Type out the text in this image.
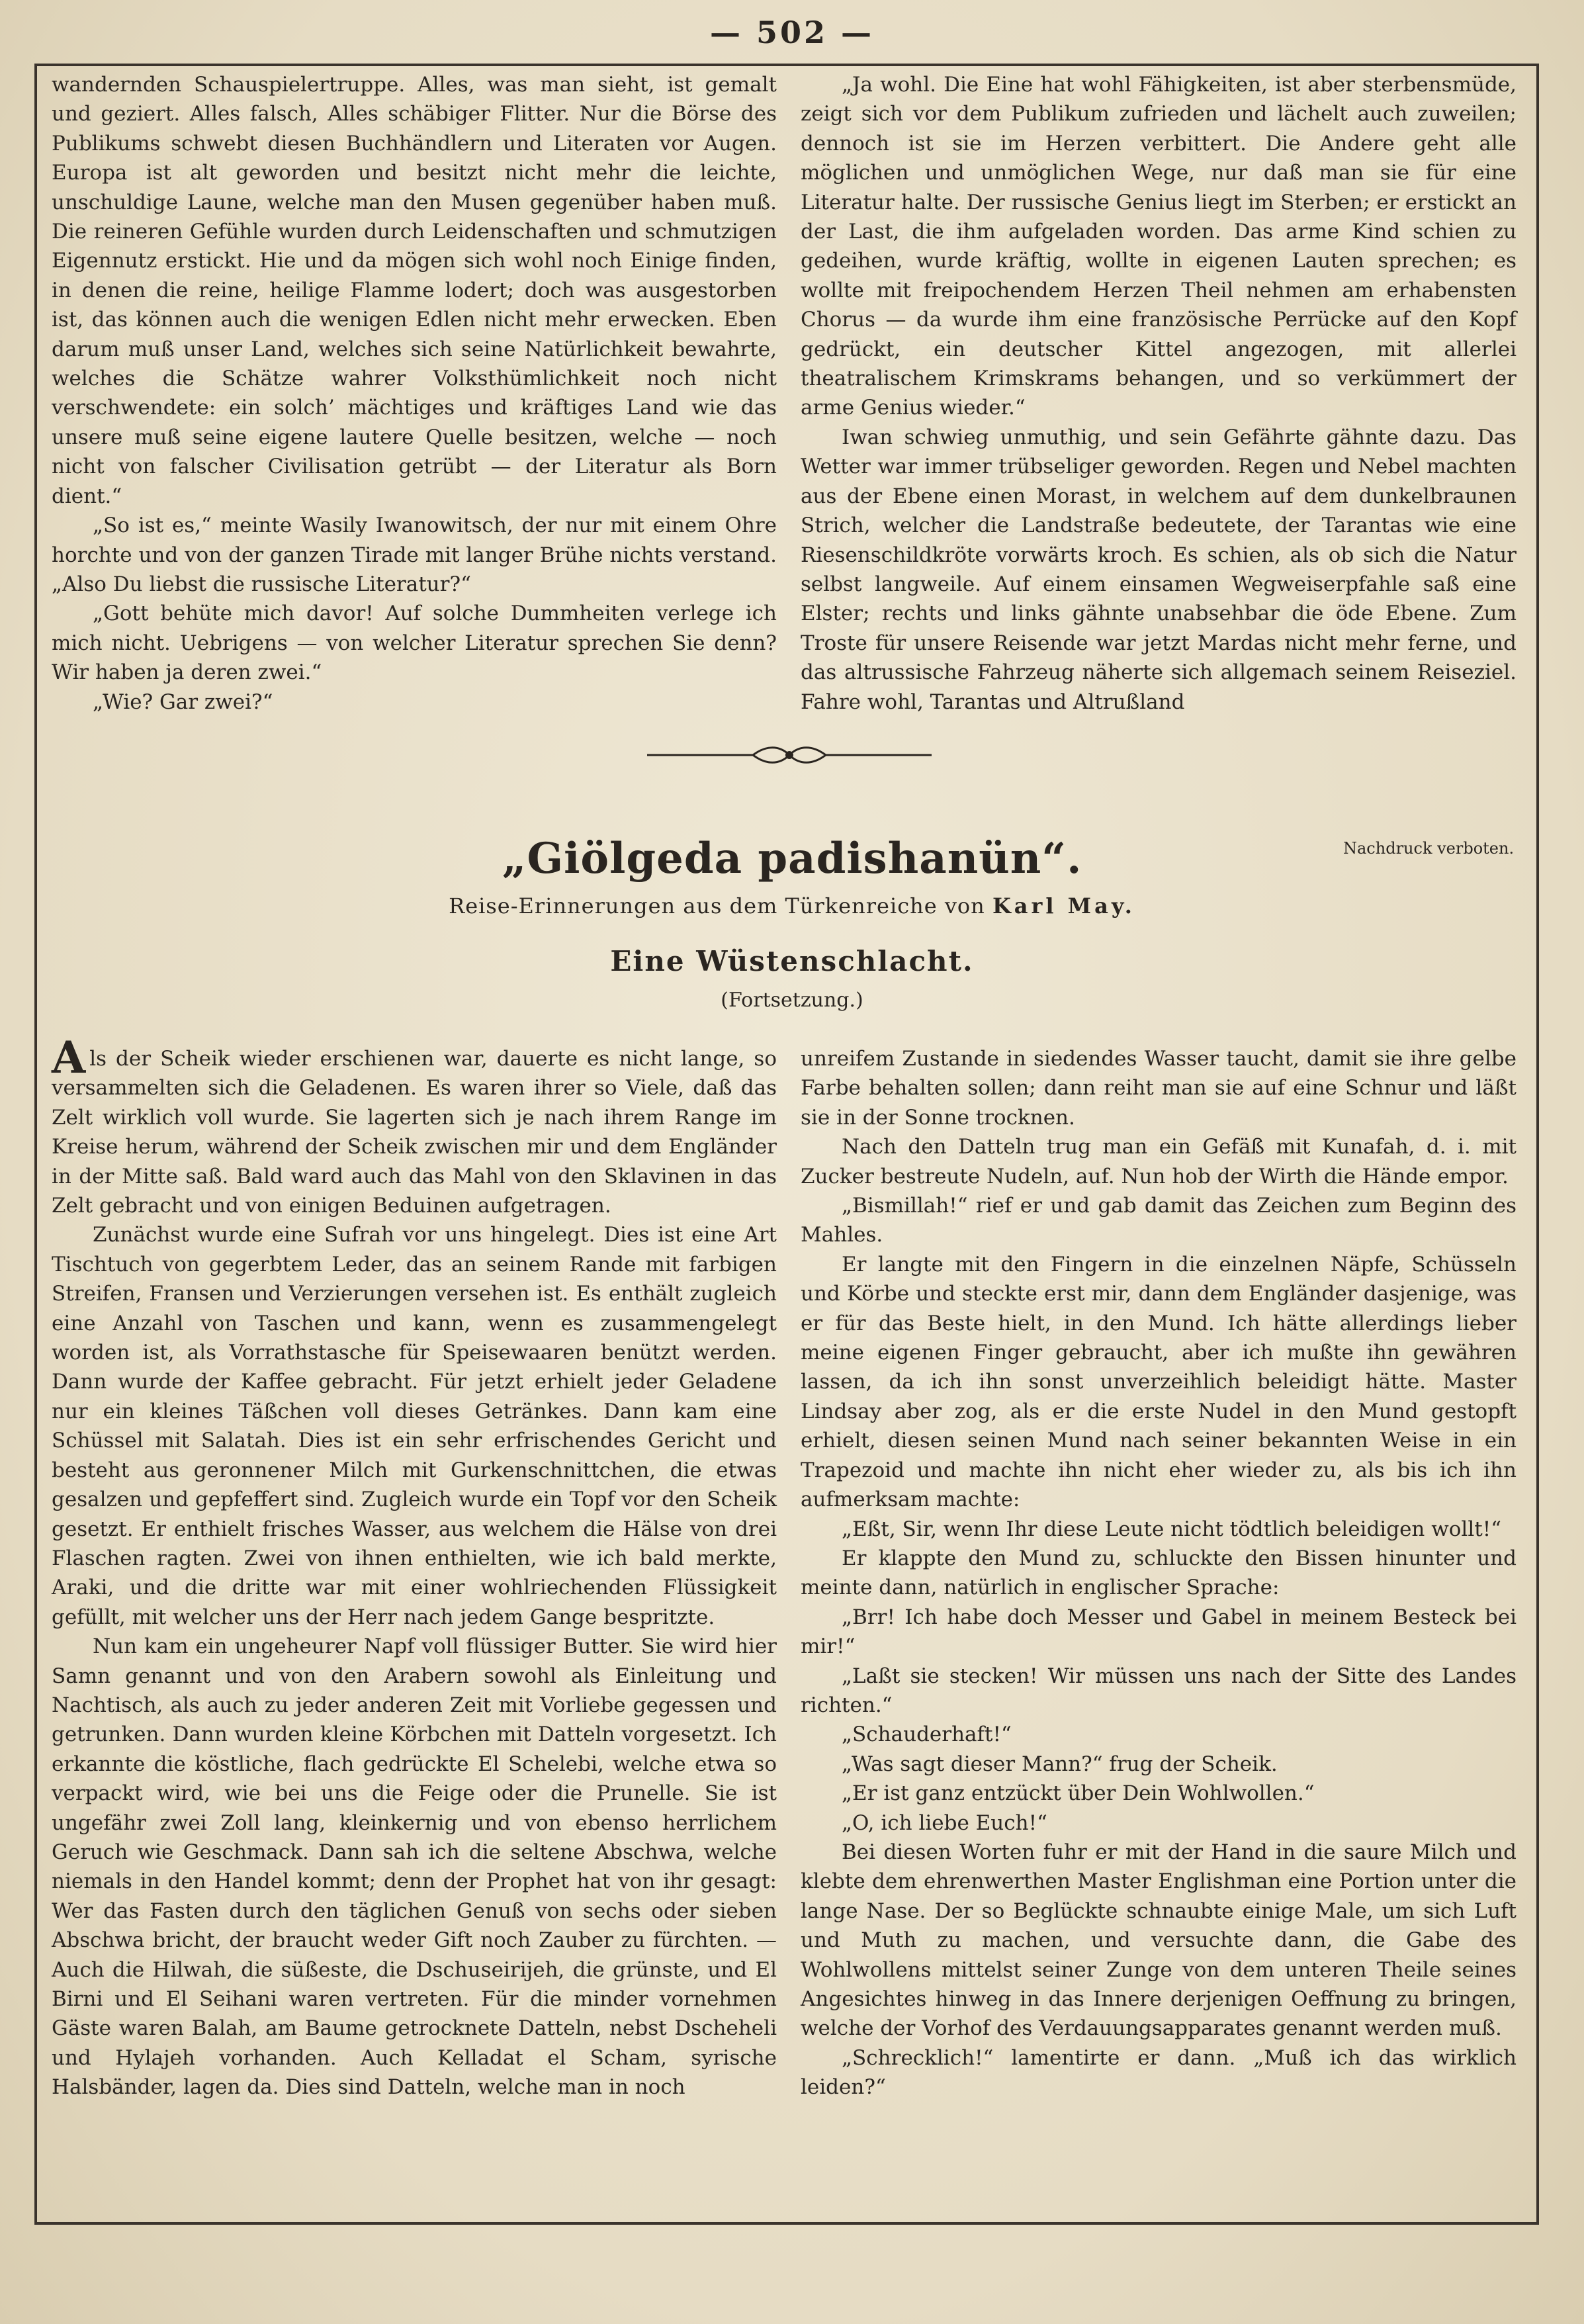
— 502 —

wandernden Schauspielertruppe. Alles, was man sieht, ist gemalt und geziert. Alles falsch, Alles schäbiger Flitter. Nur die Börse des Publikums schwebt diesen Buchhändlern und Literaten vor Augen. Europa ist alt geworden und besitzt nicht mehr die leichte, unschuldige Laune, welche man den Musen gegenüber haben muß. Die reineren Gefühle wurden durch Leidenschaften und schmutzigen Eigennutz erstickt. Hie und da mögen sich wohl noch Einige finden, in denen die reine, heilige Flamme lodert; doch was ausgestorben ist, das können auch die wenigen Edlen nicht mehr erwecken. Eben darum muß unser Land, welches sich seine Natürlichkeit bewahrte, welches die Schätze wahrer Volksthümlichkeit noch nicht verschwendete: ein solch’ mächtiges und kräftiges Land wie das unsere muß seine eigene lautere Quelle besitzen, welche — noch nicht von falscher Civilisation getrübt — der Literatur als Born dient.“

„So ist es,“ meinte Wasily Iwanowitsch, der nur mit einem Ohre horchte und von der ganzen Tirade mit langer Brühe nichts verstand. „Also Du liebst die russische Literatur?“

„Gott behüte mich davor! Auf solche Dummheiten verlege ich mich nicht. Uebrigens — von welcher Literatur sprechen Sie denn? Wir haben ja deren zwei.“

„Wie? Gar zwei?“

„Ja wohl. Die Eine hat wohl Fähigkeiten, ist aber sterbensmüde, zeigt sich vor dem Publikum zufrieden und lächelt auch zuweilen; dennoch ist sie im Herzen verbittert. Die Andere geht alle möglichen und unmöglichen Wege, nur daß man sie für eine Literatur halte. Der russische Genius liegt im Sterben; er erstickt an der Last, die ihm aufgeladen worden. Das arme Kind schien zu gedeihen, wurde kräftig, wollte in eigenen Lauten sprechen; es wollte mit freipochendem Herzen Theil nehmen am erhabensten Chorus — da wurde ihm eine französische Perrücke auf den Kopf gedrückt, ein deutscher Kittel angezogen, mit allerlei theatralischem Krimskrams behangen, und so verkümmert der arme Genius wieder.“

Iwan schwieg unmuthig, und sein Gefährte gähnte dazu. Das Wetter war immer trübseliger geworden. Regen und Nebel machten aus der Ebene einen Morast, in welchem auf dem dunkelbraunen Strich, welcher die Landstraße bedeutete, der Tarantas wie eine Riesenschildkröte vorwärts kroch. Es schien, als ob sich die Natur selbst langweile. Auf einem einsamen Wegweiserpfahle saß eine Elster; rechts und links gähnte unabsehbar die öde Ebene. Zum Troste für unsere Reisende war jetzt Mardas nicht mehr ferne, und das altrussische Fahrzeug näherte sich allgemach seinem Reiseziel. Fahre wohl, Tarantas und Altrußland

„Giölgeda padishanün“.	Nachdruck verboten.
Reise-Erinnerungen aus dem Türkenreiche von Karl May.
Eine Wüstenschlacht.
(Fortsetzung.)

Als der Scheik wieder erschienen war, dauerte es nicht lange, so versammelten sich die Geladenen. Es waren ihrer so Viele, daß das Zelt wirklich voll wurde. Sie lagerten sich je nach ihrem Range im Kreise herum, während der Scheik zwischen mir und dem Engländer in der Mitte saß. Bald ward auch das Mahl von den Sklavinen in das Zelt gebracht und von einigen Beduinen aufgetragen.

Zunächst wurde eine Sufrah vor uns hingelegt. Dies ist eine Art Tischtuch von gegerbtem Leder, das an seinem Rande mit farbigen Streifen, Fransen und Verzierungen versehen ist. Es enthält zugleich eine Anzahl von Taschen und kann, wenn es zusammengelegt worden ist, als Vorrathstasche für Speisewaaren benützt werden. Dann wurde der Kaffee gebracht. Für jetzt erhielt jeder Geladene nur ein kleines Täßchen voll dieses Getränkes. Dann kam eine Schüssel mit Salatah. Dies ist ein sehr erfrischendes Gericht und besteht aus geronnener Milch mit Gurkenschnittchen, die etwas gesalzen und gepfeffert sind. Zugleich wurde ein Topf vor den Scheik gesetzt. Er enthielt frisches Wasser, aus welchem die Hälse von drei Flaschen ragten. Zwei von ihnen enthielten, wie ich bald merkte, Araki, und die dritte war mit einer wohlriechenden Flüssigkeit gefüllt, mit welcher uns der Herr nach jedem Gange bespritzte.

Nun kam ein ungeheurer Napf voll flüssiger Butter. Sie wird hier Samn genannt und von den Arabern sowohl als Einleitung und Nachtisch, als auch zu jeder anderen Zeit mit Vorliebe gegessen und getrunken. Dann wurden kleine Körbchen mit Datteln vorgesetzt. Ich erkannte die köstliche, flach gedrückte El Schelebi, welche etwa so verpackt wird, wie bei uns die Feige oder die Prunelle. Sie ist ungefähr zwei Zoll lang, kleinkernig und von ebenso herrlichem Geruch wie Geschmack. Dann sah ich die seltene Abschwa, welche niemals in den Handel kommt; denn der Prophet hat von ihr gesagt: Wer das Fasten durch den täglichen Genuß von sechs oder sieben Abschwa bricht, der braucht weder Gift noch Zauber zu fürchten. — Auch die Hilwah, die süßeste, die Dschuseirijeh, die grünste, und El Birni und El Seihani waren vertreten. Für die minder vornehmen Gäste waren Balah, am Baume getrocknete Datteln, nebst Dscheheli und Hylajeh vorhanden. Auch Kelladat el Scham, syrische Halsbänder, lagen da. Dies sind Datteln, welche man in noch

unreifem Zustande in siedendes Wasser taucht, damit sie ihre gelbe Farbe behalten sollen; dann reiht man sie auf eine Schnur und läßt sie in der Sonne trocknen.

Nach den Datteln trug man ein Gefäß mit Kunafah, d. i. mit Zucker bestreute Nudeln, auf. Nun hob der Wirth die Hände empor.

„Bismillah!“ rief er und gab damit das Zeichen zum Beginn des Mahles.

Er langte mit den Fingern in die einzelnen Näpfe, Schüsseln und Körbe und steckte erst mir, dann dem Engländer dasjenige, was er für das Beste hielt, in den Mund. Ich hätte allerdings lieber meine eigenen Finger gebraucht, aber ich mußte ihn gewähren lassen, da ich ihn sonst unverzeihlich beleidigt hätte. Master Lindsay aber zog, als er die erste Nudel in den Mund gestopft erhielt, diesen seinen Mund nach seiner bekannten Weise in ein Trapezoid und machte ihn nicht eher wieder zu, als bis ich ihn aufmerksam machte:

„Eßt, Sir, wenn Ihr diese Leute nicht tödtlich beleidigen wollt!“

Er klappte den Mund zu, schluckte den Bissen hinunter und meinte dann, natürlich in englischer Sprache:

„Brr! Ich habe doch Messer und Gabel in meinem Besteck bei mir!“

„Laßt sie stecken! Wir müssen uns nach der Sitte des Landes richten.“

„Schauderhaft!“

„Was sagt dieser Mann?“ frug der Scheik.

„Er ist ganz entzückt über Dein Wohlwollen.“

„O, ich liebe Euch!“

Bei diesen Worten fuhr er mit der Hand in die saure Milch und klebte dem ehrenwerthen Master Englishman eine Portion unter die lange Nase. Der so Beglückte schnaubte einige Male, um sich Luft und Muth zu machen, und versuchte dann, die Gabe des Wohlwollens mittelst seiner Zunge von dem unteren Theile seines Angesichtes hinweg in das Innere derjenigen Oeffnung zu bringen, welche der Vorhof des Verdauungsapparates genannt werden muß.

„Schrecklich!“ lamentirte er dann. „Muß ich das wirklich leiden?“
